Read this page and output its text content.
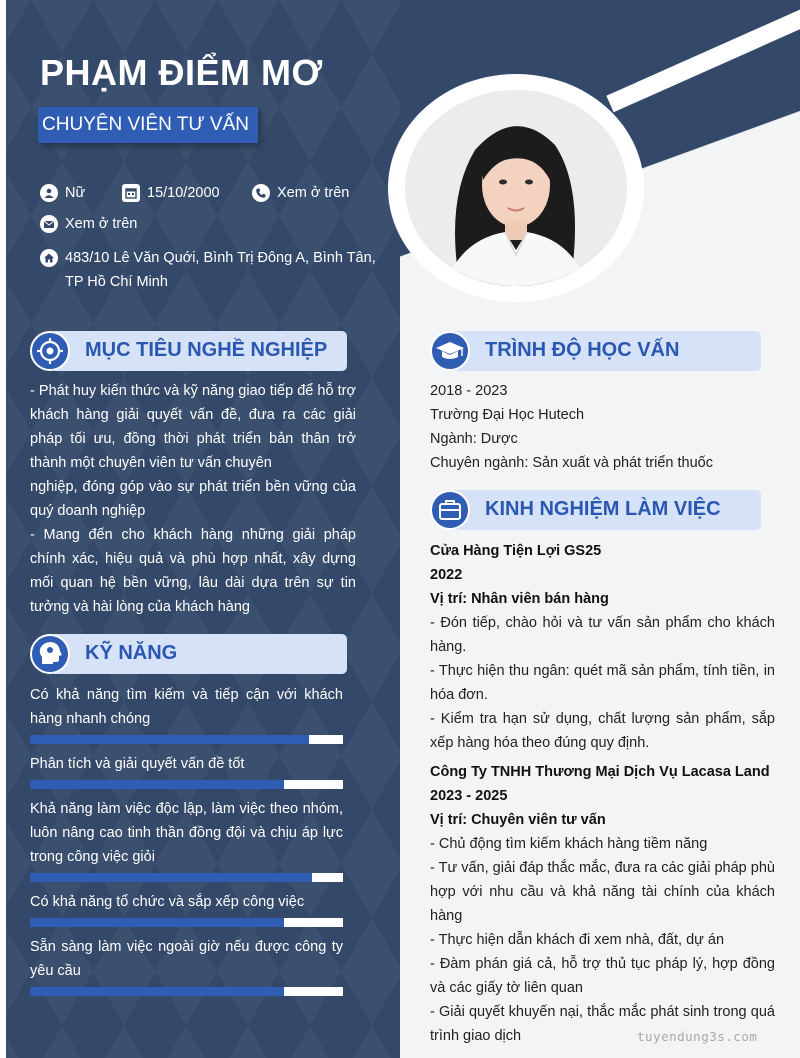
PHẠM ĐIỂM MƠ
CHUYÊN VIÊN TƯ VẤN
Nữ	15/10/2000	Xem ở trên
Xem ở trên
483/10 Lê Văn Quới, Bình Trị Đông A, Bình Tân, TP Hồ Chí Minh
MỤC TIÊU NGHỀ NGHIỆP
- Phát huy kiến thức và kỹ năng giao tiếp để hỗ trợ khách hàng giải quyết vấn đề, đưa ra các giải pháp tối ưu, đồng thời phát triển bản thân trở thành một chuyên viên tư vấn chuyên
nghiệp, đóng góp vào sự phát triển bền vững của quý doanh nghiệp
- Mang đến cho khách hàng những giải pháp chính xác, hiệu quả và phù hợp nhất, xây dựng mối quan hệ bền vững, lâu dài dựa trên sự tin tưởng và hài lòng của khách hàng
KỸ NĂNG
Có khả năng tìm kiếm và tiếp cận với khách hàng nhanh chóng
Phân tích và giải quyết vấn đề tốt
Khả năng làm việc độc lập, làm việc theo nhóm, luôn nâng cao tinh thần đồng đội và chịu áp lực trong công việc giỏi
Có khả năng tổ chức và sắp xếp công việc
Sẵn sàng làm việc ngoài giờ nếu được công ty yêu cầu
TRÌNH ĐỘ HỌC VẤN
2018 - 2023
Trường Đại Học Hutech
Ngành: Dược
Chuyên ngành: Sản xuất và phát triển thuốc
KINH NGHIỆM LÀM VIỆC
Cửa Hàng Tiện Lợi GS25
2022
Vị trí: Nhân viên bán hàng
- Đón tiếp, chào hỏi và tư vấn sản phẩm cho khách hàng.
- Thực hiện thu ngân: quét mã sản phẩm, tính tiền, in hóa đơn.
- Kiểm tra hạn sử dụng, chất lượng sản phẩm, sắp xếp hàng hóa theo đúng quy định.
Công Ty TNHH Thương Mại Dịch Vụ Lacasa Land
2023 - 2025
Vị trí: Chuyên viên tư vấn
- Chủ động tìm kiếm khách hàng tiềm năng
- Tư vấn, giải đáp thắc mắc, đưa ra các giải pháp phù hợp với nhu cầu và khả năng tài chính của khách hàng
- Thực hiện dẫn khách đi xem nhà, đất, dự án
- Đàm phán giá cả, hỗ trợ thủ tục pháp lý, hợp đồng và các giấy tờ liên quan
- Giải quyết khuyến nại, thắc mắc phát sinh trong quá trình giao dịch	tuyendung3s.com
